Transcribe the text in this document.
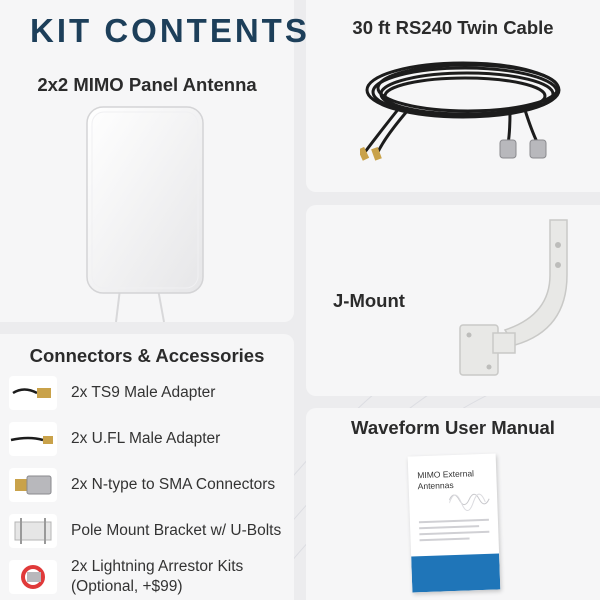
KIT CONTENTS
2x2 MIMO Panel Antenna
30 ft RS240 Twin Cable
J-Mount
Waveform User Manual
MIMO External
Antennas
Connectors & Accessories
2x TS9 Male Adapter
2x U.FL Male Adapter
2x N-type to SMA Connectors
Pole Mount Bracket w/ U-Bolts
2x Lightning Arrestor Kits
(Optional, +$99)
